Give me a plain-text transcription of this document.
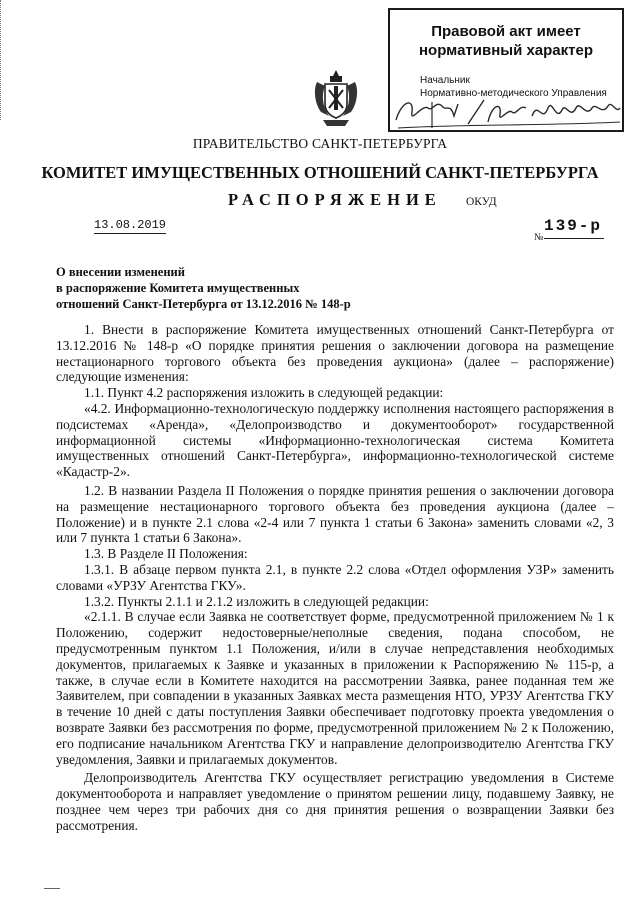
Правовой акт имеет
нормативный характер
Начальник
Нормативно-методического Управления
ПРАВИТЕЛЬСТВО САНКТ-ПЕТЕРБУРГА
КОМИТЕТ ИМУЩЕСТВЕННЫХ ОТНОШЕНИЙ САНКТ-ПЕТЕРБУРГА
РАСПОРЯЖЕНИЕ ОКУД
13.08.2019
№
139-р
О внесении изменений
в распоряжение Комитета имущественных
отношений Санкт-Петербурга от 13.12.2016 № 148-р

1. Внести в распоряжение Комитета имущественных отношений Санкт-Петербурга от 13.12.2016 № 148-р «О порядке принятия решения о заключении договора на размещение нестационарного торгового объекта без проведения аукциона» (далее – распоряжение) следующие изменения:

1.1. Пункт 4.2 распоряжения изложить в следующей редакции:

«4.2. Информационно-технологическую поддержку исполнения настоящего распоряжения в подсистемах «Аренда», «Делопроизводство и документооборот» государственной информационной системы «Информационно-технологическая система Комитета имущественных отношений Санкт-Петербурга», информационно-технологической системе «Кадастр-2».

1.2. В названии Раздела II Положения о порядке принятия решения о заключении договора на размещение нестационарного торгового объекта без проведения аукциона (далее – Положение) и в пункте 2.1 слова «2-4 или 7 пункта 1 статьи 6 Закона» заменить словами «2, 3 или 7 пункта 1 статьи 6 Закона».

1.3. В Разделе II Положения:

1.3.1. В абзаце первом пункта 2.1, в пункте 2.2 слова «Отдел оформления УЗР» заменить словами «УРЗУ Агентства ГКУ».

1.3.2. Пункты 2.1.1 и 2.1.2 изложить в следующей редакции:

«2.1.1. В случае если Заявка не соответствует форме, предусмотренной приложением № 1 к Положению, содержит недостоверные/неполные сведения, подана способом, не предусмотренным пунктом 1.1 Положения, и/или в случае непредставления необходимых документов, прилагаемых к Заявке и указанных в приложении к Распоряжению № 115-р, а также, в случае если в Комитете находится на рассмотрении Заявка, ранее поданная тем же Заявителем, при совпадении в указанных Заявках места размещения НТО, УРЗУ Агентства ГКУ в течение 10 дней с даты поступления Заявки обеспечивает подготовку проекта уведомления о возврате Заявки без рассмотрения по форме, предусмотренной приложением № 2 к Положению, его подписание начальником Агентства ГКУ и направление делопроизводителю Агентства ГКУ уведомления, Заявки и прилагаемых документов.

Делопроизводитель Агентства ГКУ осуществляет регистрацию уведомления в Системе документооборота и направляет уведомление о принятом решении лицу, подавшему Заявку, не позднее чем через три рабочих дня со дня принятия решения о возвращении Заявки без рассмотрения.
